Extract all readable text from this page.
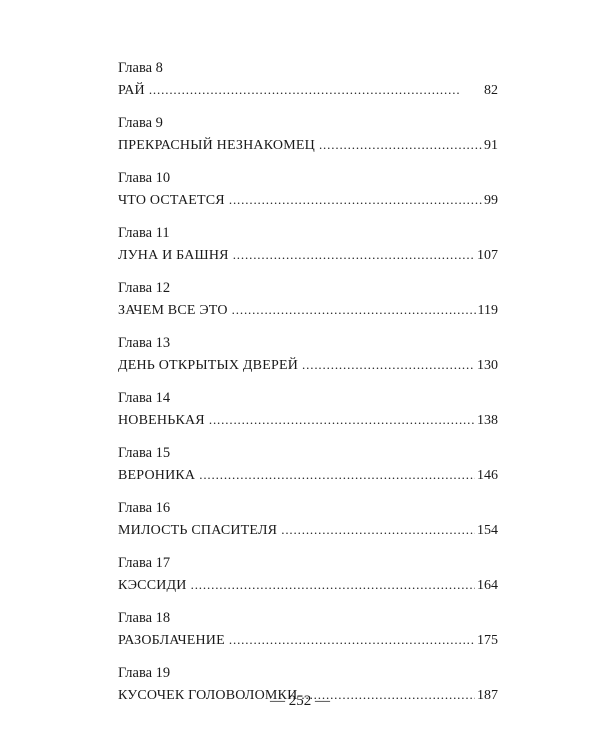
Глава 8
РАЙ . . .	82
Глава 9
ПРЕКРАСНЫЙ НЕЗНАКОМЕЦ . . .	91
Глава 10
ЧТО ОСТАЕТСЯ . . .	99
Глава 11
ЛУНА И БАШНЯ . . .	107
Глава 12
ЗАЧЕМ ВСЕ ЭТО . . .	119
Глава 13
ДЕНЬ ОТКРЫТЫХ ДВЕРЕЙ . . .	130
Глава 14
НОВЕНЬКАЯ . . .	138
Глава 15
ВЕРОНИКА . . .	146
Глава 16
МИЛОСТЬ СПАСИТЕЛЯ . . .	154
Глава 17
КЭССИДИ . . .	164
Глава 18
РАЗОБЛАЧЕНИЕ . . .	175
Глава 19
КУСОЧЕК ГОЛОВОЛОМКИ . . .	187
— 252 —
